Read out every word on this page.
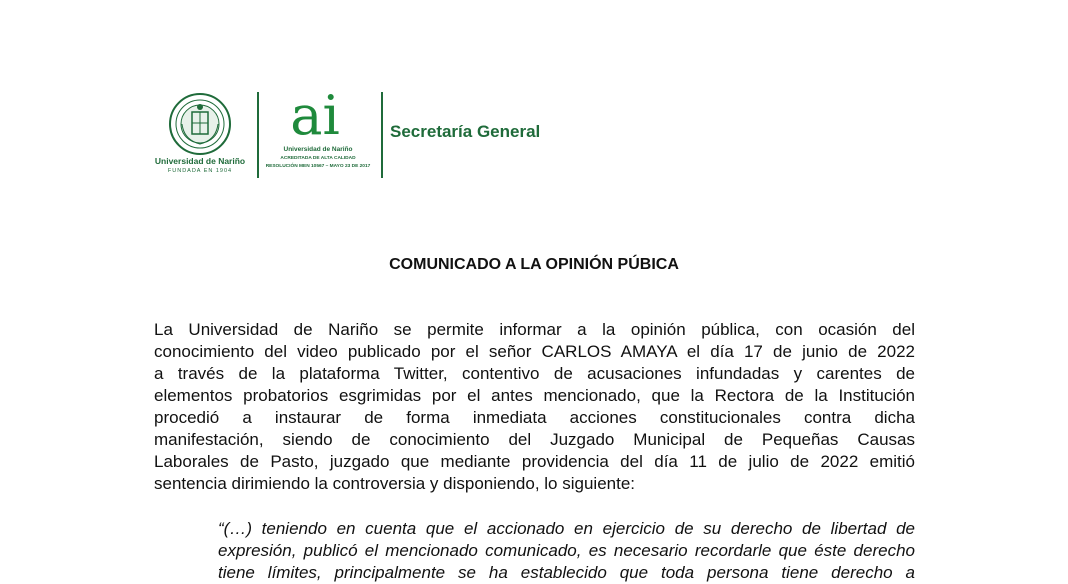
Universidad de Nariño
FUNDADA EN 1904
ai
Universidad de Nariño
ACREDITADA DE ALTA CALIDAD
RESOLUCIÓN MEN 10567 – MAYO 23 DE 2017
Secretaría General
COMUNICADO A LA OPINIÓN PÚBICA
La Universidad de Nariño se permite informar a la opinión pública, con ocasión del
conocimiento del video publicado por el señor CARLOS AMAYA el día 17 de junio de 2022
a través de la plataforma Twitter, contentivo de acusaciones infundadas y carentes de
elementos probatorios esgrimidas por el antes mencionado, que la Rectora de la Institución
procedió a instaurar de forma inmediata acciones constitucionales contra dicha
manifestación, siendo de conocimiento del Juzgado Municipal de Pequeñas Causas
Laborales de Pasto, juzgado que mediante providencia del día 11 de julio de 2022 emitió
sentencia dirimiendo la controversia y disponiendo, lo siguiente:
“(…) teniendo en cuenta que el accionado en ejercicio de su derecho de libertad de
expresión, publicó el mencionado comunicado, es necesario recordarle que éste derecho
tiene límites, principalmente se ha establecido que toda persona tiene derecho a
